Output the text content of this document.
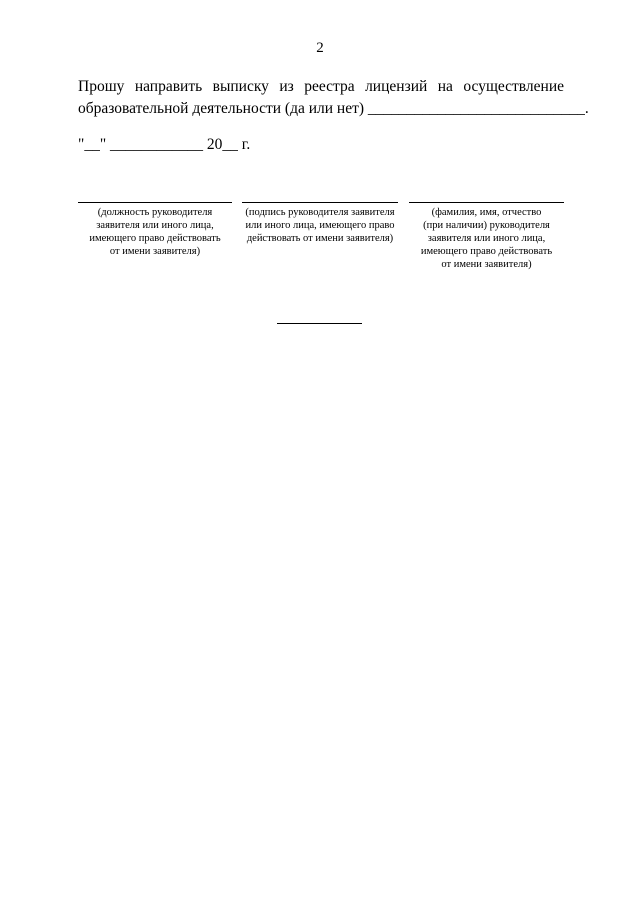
2

Прошу направить выписку из реестра лицензий на осуществление
образовательной деятельности (да или нет) ____________________________.

"__" ____________ 20__ г.
(должность руководителя
заявителя или иного лица,
имеющего право действовать
от имени заявителя)
(подпись руководителя заявителя
или иного лица, имеющего право
действовать от имени заявителя)
(фамилия, имя, отчество
(при наличии) руководителя
заявителя или иного лица,
имеющего право действовать
от имени заявителя)
